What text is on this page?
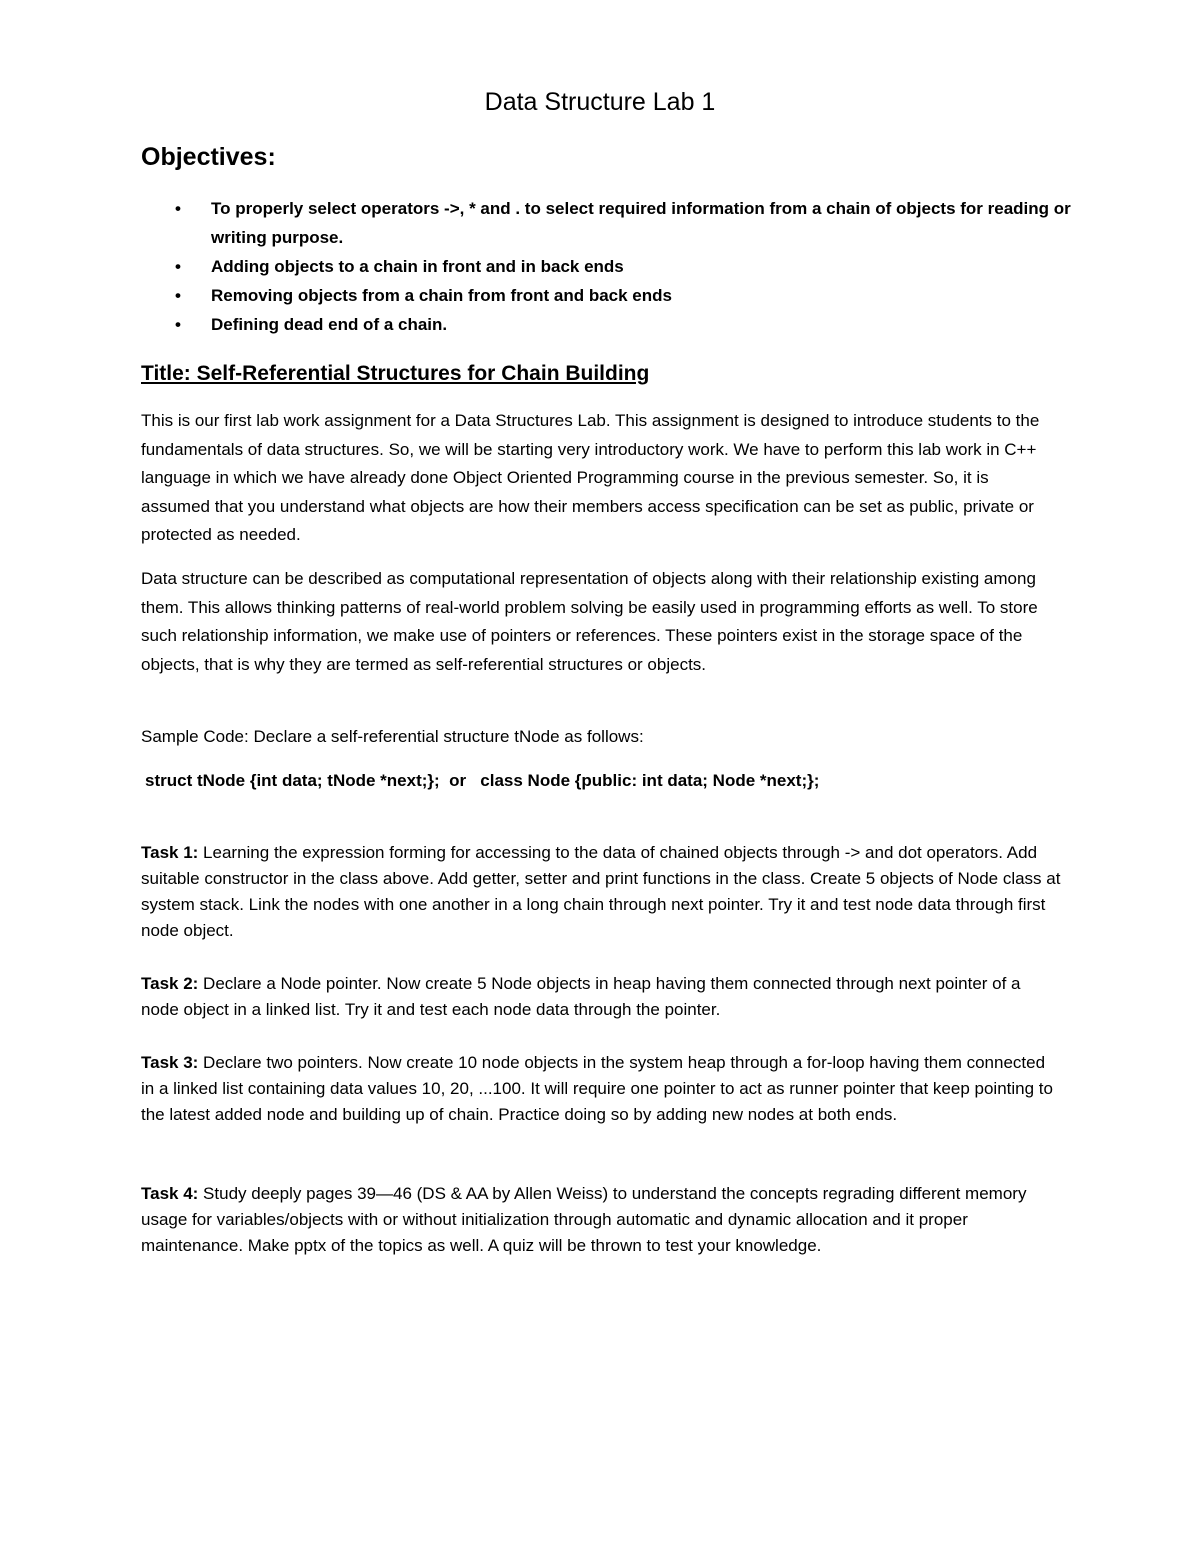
Data Structure Lab 1
Objectives:
• To properly select operators ->, * and . to select required information from a chain of objects for reading or writing purpose.
• Adding objects to a chain in front and in back ends
• Removing objects from a chain from front and back ends
• Defining dead end of a chain.
Title: Self-Referential Structures for Chain Building

This is our first lab work assignment for a Data Structures Lab. This assignment is designed to introduce students to the fundamentals of data structures. So, we will be starting very introductory work. We have to perform this lab work in C++ language in which we have already done Object Oriented Programming course in the previous semester. So, it is assumed that you understand what objects are how their members access specification can be set as public, private or protected as needed.

Data structure can be described as computational representation of objects along with their relationship existing among them. This allows thinking patterns of real-world problem solving be easily used in programming efforts as well. To store such relationship information, we make use of pointers or references. These pointers exist in the storage space of the objects, that is why they are termed as self-referential structures or objects.

Sample Code: Declare a self-referential structure tNode as follows:

struct tNode {int data; tNode *next;};  or   class Node {public: int data; Node *next;};

Task 1: Learning the expression forming for accessing to the data of chained objects through -> and dot operators. Add suitable constructor in the class above. Add getter, setter and print functions in the class. Create 5 objects of Node class at system stack. Link the nodes with one another in a long chain through next pointer. Try it and test node data through first node object.

Task 2: Declare a Node pointer. Now create 5 Node objects in heap having them connected through next pointer of a node object in a linked list. Try it and test each node data through the pointer.

Task 3: Declare two pointers. Now create 10 node objects in the system heap through a for-loop having them connected in a linked list containing data values 10, 20, ...100. It will require one pointer to act as runner pointer that keep pointing to the latest added node and building up of chain. Practice doing so by adding new nodes at both ends.

Task 4: Study deeply pages 39—46 (DS & AA by Allen Weiss) to understand the concepts regrading different memory usage for variables/objects with or without initialization through automatic and dynamic allocation and it proper maintenance. Make pptx of the topics as well. A quiz will be thrown to test your knowledge.
